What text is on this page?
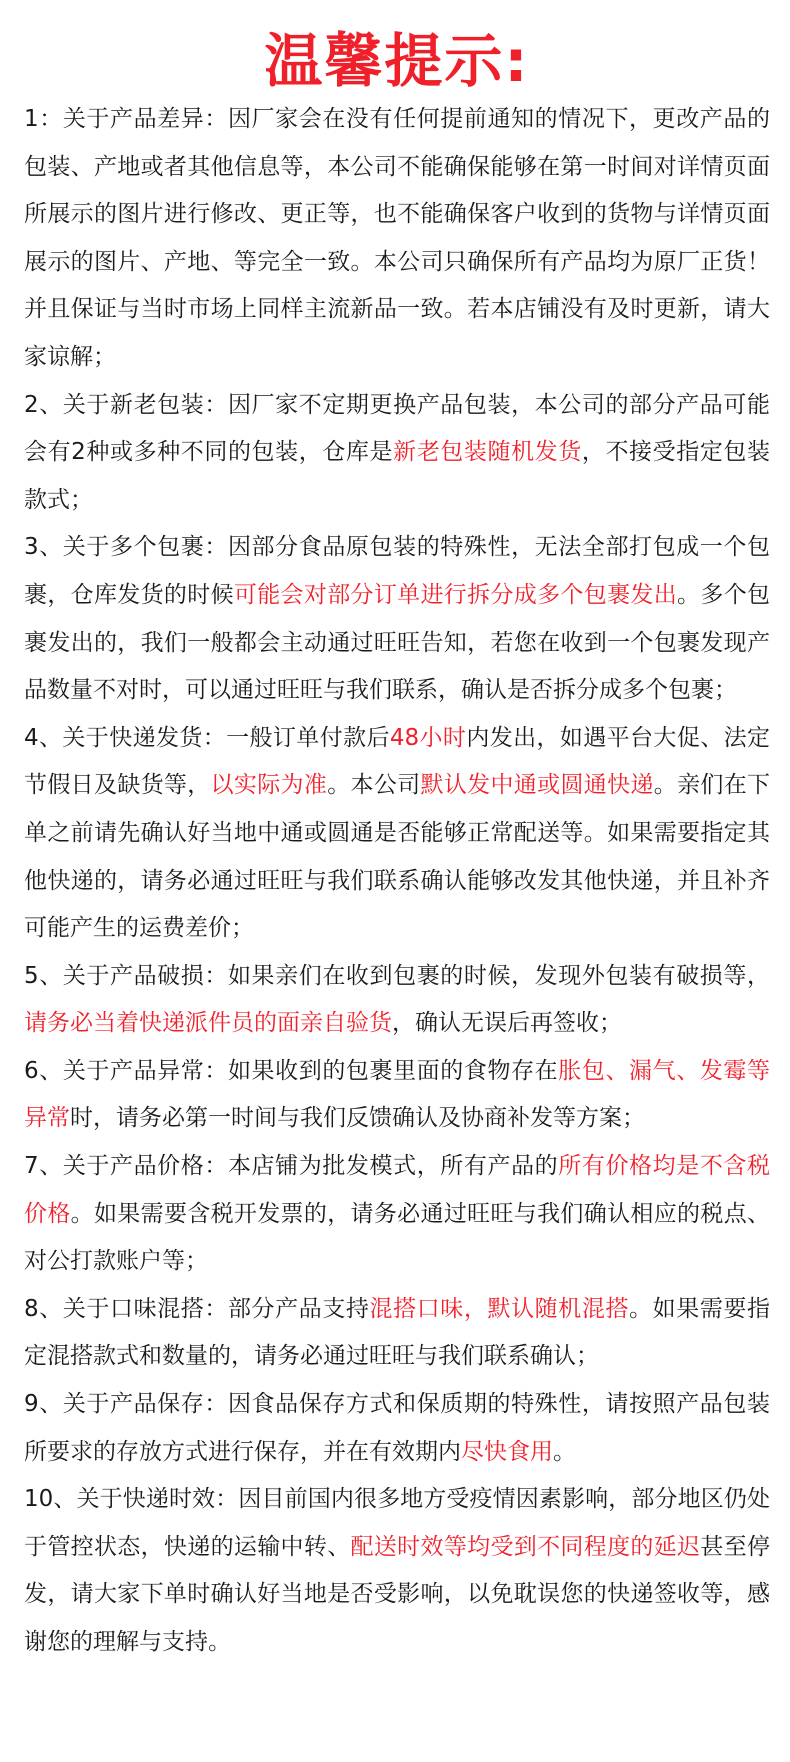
温馨提示:

1：关于产品差异：因厂家会在没有任何提前通知的情况下，更改产品的包装、产地或者其他信息等，本公司不能确保能够在第一时间对详情页面所展示的图片进行修改、更正等，也不能确保客户收到的货物与详情页面展示的图片、产地、等完全一致。本公司只确保所有产品均为原厂正货！并且保证与当时市场上同样主流新品一致。若本店铺没有及时更新，请大家谅解；

2、关于新老包装：因厂家不定期更换产品包装，本公司的部分产品可能会有2种或多种不同的包装，仓库是新老包装随机发货，不接受指定包装款式；

3、关于多个包裹：因部分食品原包装的特殊性，无法全部打包成一个包裹，仓库发货的时候可能会对部分订单进行拆分成多个包裹发出。多个包裹发出的，我们一般都会主动通过旺旺告知，若您在收到一个包裹发现产品数量不对时，可以通过旺旺与我们联系，确认是否拆分成多个包裹；

4、关于快递发货：一般订单付款后48小时内发出，如遇平台大促、法定节假日及缺货等，以实际为准。本公司默认发中通或圆通快递。亲们在下单之前请先确认好当地中通或圆通是否能够正常配送等。如果需要指定其他快递的，请务必通过旺旺与我们联系确认能够改发其他快递，并且补齐可能产生的运费差价；

5、关于产品破损：如果亲们在收到包裹的时候，发现外包装有破损等，请务必当着快递派件员的面亲自验货，确认无误后再签收；

6、关于产品异常：如果收到的包裹里面的食物存在胀包、漏气、发霉等异常时，请务必第一时间与我们反馈确认及协商补发等方案；

7、关于产品价格：本店铺为批发模式，所有产品的所有价格均是不含税价格。如果需要含税开发票的，请务必通过旺旺与我们确认相应的税点、对公打款账户等；

8、关于口味混搭：部分产品支持混搭口味，默认随机混搭。如果需要指定混搭款式和数量的，请务必通过旺旺与我们联系确认；

9、关于产品保存：因食品保存方式和保质期的特殊性，请按照产品包装所要求的存放方式进行保存，并在有效期内尽快食用。

10、关于快递时效：因目前国内很多地方受疫情因素影响，部分地区仍处于管控状态，快递的运输中转、配送时效等均受到不同程度的延迟甚至停发，请大家下单时确认好当地是否受影响，以免耽误您的快递签收等，感谢您的理解与支持。
